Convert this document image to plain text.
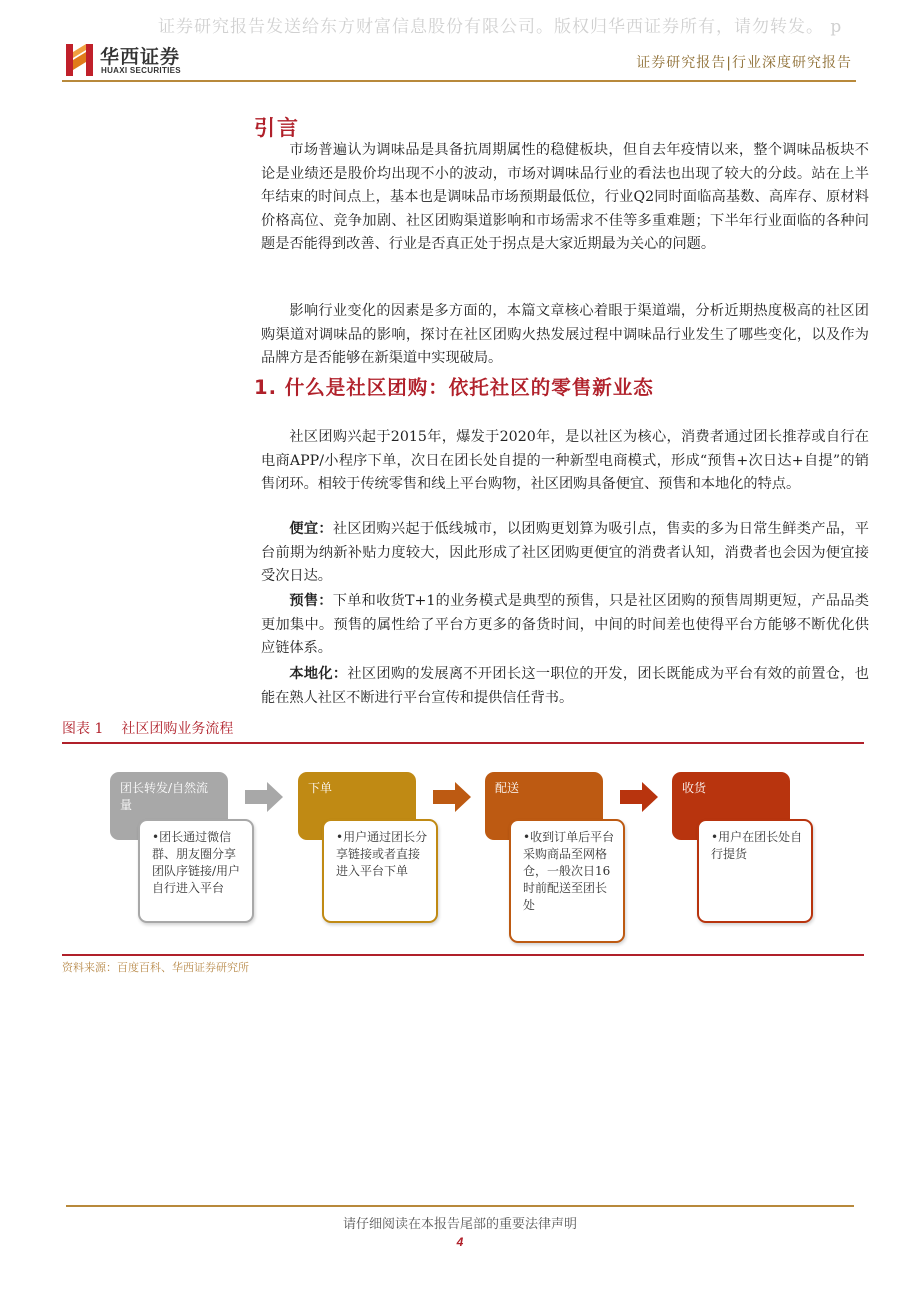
证券研究报告发送给东方财富信息股份有限公司。版权归华西证券所有，请勿转发。 p
华西证券
HUAXI SECURITIES	证券研究报告|行业深度研究报告
引言

市场普遍认为调味品是具备抗周期属性的稳健板块，但自去年疫情以来，整个调味品板块不论是业绩还是股价均出现不小的波动，市场对调味品行业的看法也出现了较大的分歧。站在上半年结束的时间点上，基本也是调味品市场预期最低位，行业Q2同时面临高基数、高库存、原材料价格高位、竞争加剧、社区团购渠道影响和市场需求不佳等多重难题；下半年行业面临的各种问题是否能得到改善、行业是否真正处于拐点是大家近期最为关心的问题。

影响行业变化的因素是多方面的，本篇文章核心着眼于渠道端，分析近期热度极高的社区团购渠道对调味品的影响，探讨在社区团购火热发展过程中调味品行业发生了哪些变化，以及作为品牌方是否能够在新渠道中实现破局。

1. 什么是社区团购：依托社区的零售新业态

社区团购兴起于2015年，爆发于2020年，是以社区为核心，消费者通过团长推荐或自行在电商APP/小程序下单，次日在团长处自提的一种新型电商模式，形成“预售+次日达+自提”的销售闭环。相较于传统零售和线上平台购物，社区团购具备便宜、预售和本地化的特点。

便宜：社区团购兴起于低线城市，以团购更划算为吸引点，售卖的多为日常生鲜类产品，平台前期为纳新补贴力度较大，因此形成了社区团购更便宜的消费者认知，消费者也会因为便宜接受次日达。

预售：下单和收货T+1的业务模式是典型的预售，只是社区团购的预售周期更短，产品品类更加集中。预售的属性给了平台方更多的备货时间，中间的时间差也使得平台方能够不断优化供应链体系。

本地化：社区团购的发展离不开团长这一职位的开发，团长既能成为平台有效的前置仓，也能在熟人社区不断进行平台宣传和提供信任背书。

图表 1 社区团购业务流程
团长转发/自然流量
•团长通过微信群、朋友圈分享团队序链接/用户自行进入平台
下单
•用户通过团长分享链接或者直接进入平台下单
配送
•收到订单后平台采购商品至网格仓，一般次日16时前配送至团长处
收货
•用户在团长处自行提货
资料来源：百度百科、华西证券研究所
请仔细阅读在本报告尾部的重要法律声明
4
